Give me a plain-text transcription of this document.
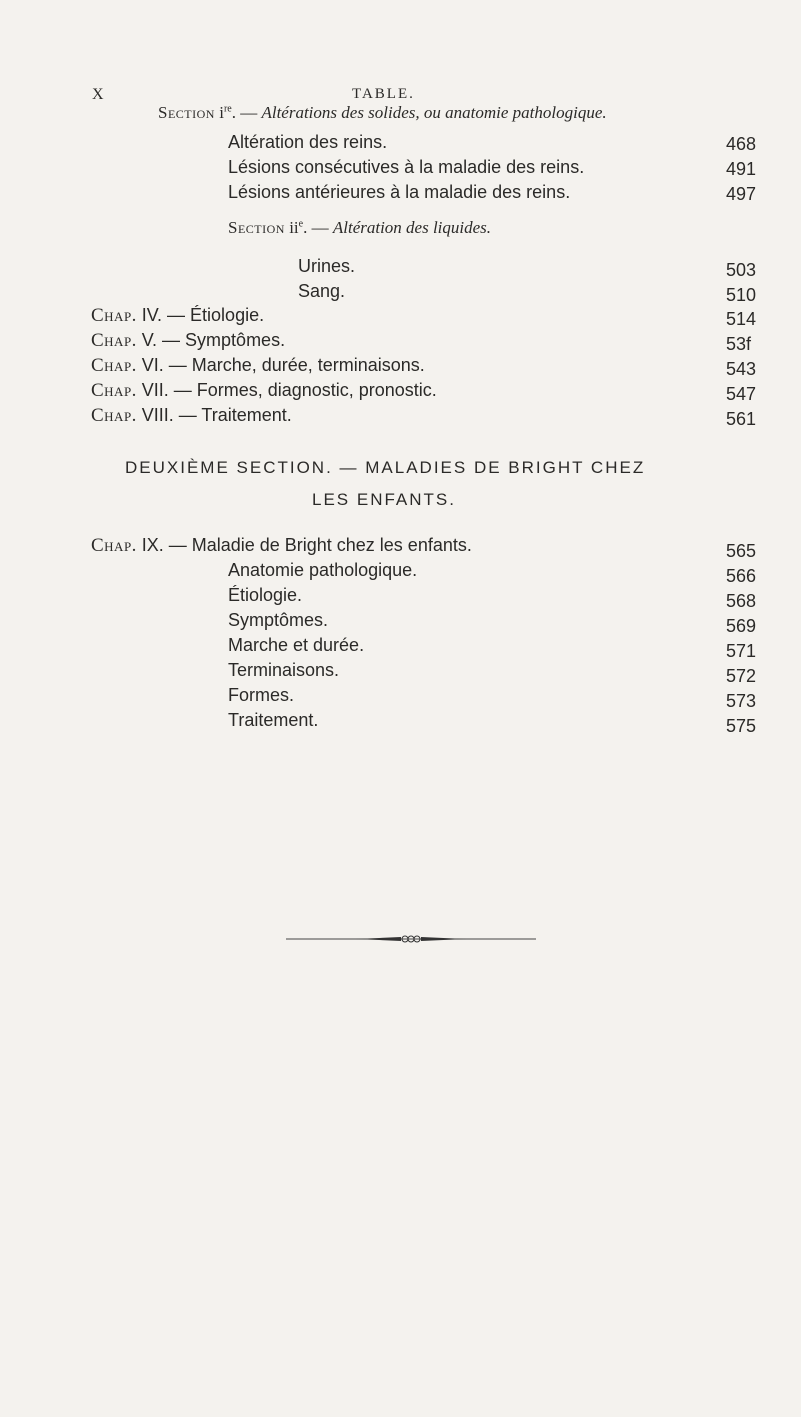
X	TABLE.
Section $i^{re}$. — Altérations des solides, ou anatomie pathologique.
Altération des reins.	468
Lésions consécutives à la maladie des reins.	491
Lésions antérieures à la maladie des reins.	497
Section $ii^e$. — Altération des liquides.
Urines.	503
Sang.	510
Chap. IV. — Étiologie.	514
Chap. V. — Symptômes.	53f
Chap. VI. — Marche, durée, terminaisons.	543
Chap. VII. — Formes, diagnostic, pronostic.	547
Chap. VIII. — Traitement.	561
DEUXIÈME SECTION. — MALADIES DE BRIGHT CHEZ
LES ENFANTS.
Chap. IX. — Maladie de Bright chez les enfants.	565
Anatomie pathologique.	566
Étiologie.	568
Symptômes.	569
Marche et durée.	571
Terminaisons.	572
Formes.	573
Traitement.	575
